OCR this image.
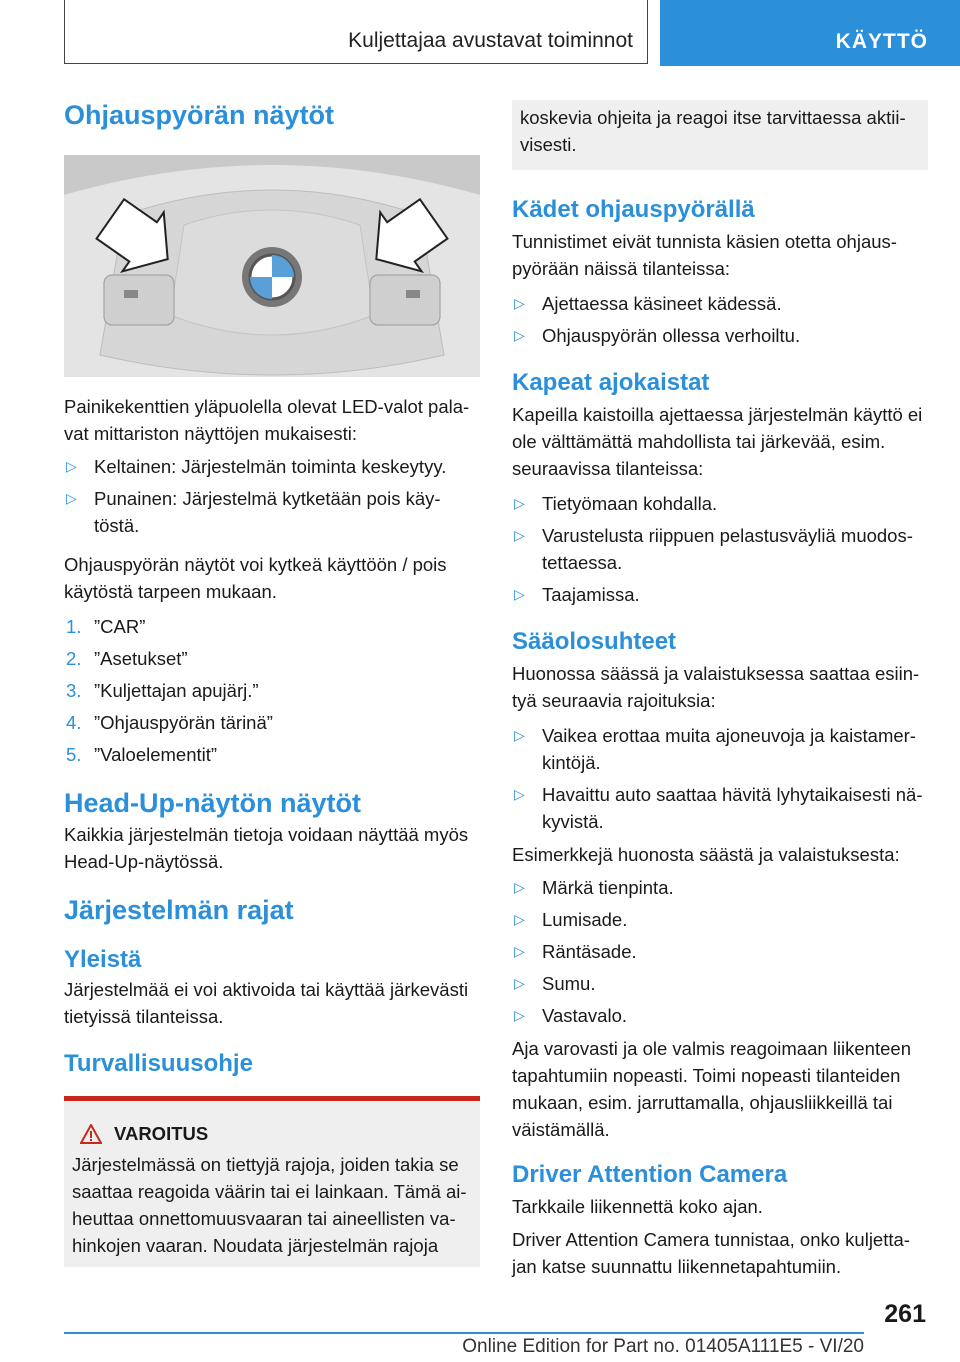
Kuljettajaa avustavat toiminnot	KÄYTTÖ
Ohjauspyörän näytöt

Painikekenttien yläpuolella olevat LED-valot pala-vat mittariston näyttöjen mukaisesti:

▷ Keltainen: Järjestelmän toiminta keskeytyy.
▷ Punainen: Järjestelmä kytketään pois käy-töstä.

Ohjauspyörän näytöt voi kytkeä käyttöön / pois käytöstä tarpeen mukaan.

1. ”CAR”
2. ”Asetukset”
3. ”Kuljettajan apujärj.”
4. ”Ohjauspyörän tärinä”
5. ”Valoelementit”
Head-Up-näytön näytöt

Kaikkia järjestelmän tietoja voidaan näyttää myös Head-Up-näytössä.

Järjestelmän rajat
Yleistä

Järjestelmää ei voi aktivoida tai käyttää järkevästi tietyissä tilanteissa.

Turvallisuusohje
VAROITUS

Järjestelmässä on tiettyjä rajoja, joiden takia se saattaa reagoida väärin tai ei lainkaan. Tämä ai-heuttaa onnettomuusvaaran tai aineellisten va-hinkojen vaaran. Noudata järjestelmän rajoja

koskevia ohjeita ja reagoi itse tarvittaessa aktii-visesti.

Kädet ohjauspyörällä

Tunnistimet eivät tunnista käsien otetta ohjaus-pyörään näissä tilanteissa:

▷ Ajettaessa käsineet kädessä.
▷ Ohjauspyörän ollessa verhoiltu.
Kapeat ajokaistat

Kapeilla kaistoilla ajettaessa järjestelmän käyttö ei ole välttämättä mahdollista tai järkevää, esim. seuraavissa tilanteissa:

▷ Tietyömaan kohdalla.
▷ Varustelusta riippuen pelastusväyliä muodos-tettaessa.
▷ Taajamissa.
Sääolosuhteet

Huonossa säässä ja valaistuksessa saattaa esiin-tyä seuraavia rajoituksia:

▷ Vaikea erottaa muita ajoneuvoja ja kaistamer-kintöjä.
▷ Havaittu auto saattaa hävitä lyhytaikaisesti nä-kyvistä.

Esimerkkejä huonosta säästä ja valaistuksesta:

▷ Märkä tienpinta.
▷ Lumisade.
▷ Räntäsade.
▷ Sumu.
▷ Vastavalo.

Aja varovasti ja ole valmis reagoimaan liikenteen tapahtumiin nopeasti. Toimi nopeasti tilanteiden mukaan, esim. jarruttamalla, ohjausliikkeillä tai väistämällä.

Driver Attention Camera

Tarkkaile liikennettä koko ajan.

Driver Attention Camera tunnistaa, onko kuljetta-jan katse suunnattu liikennetapahtumiin.

261
Online Edition for Part no. 01405A111E5 - VI/20
